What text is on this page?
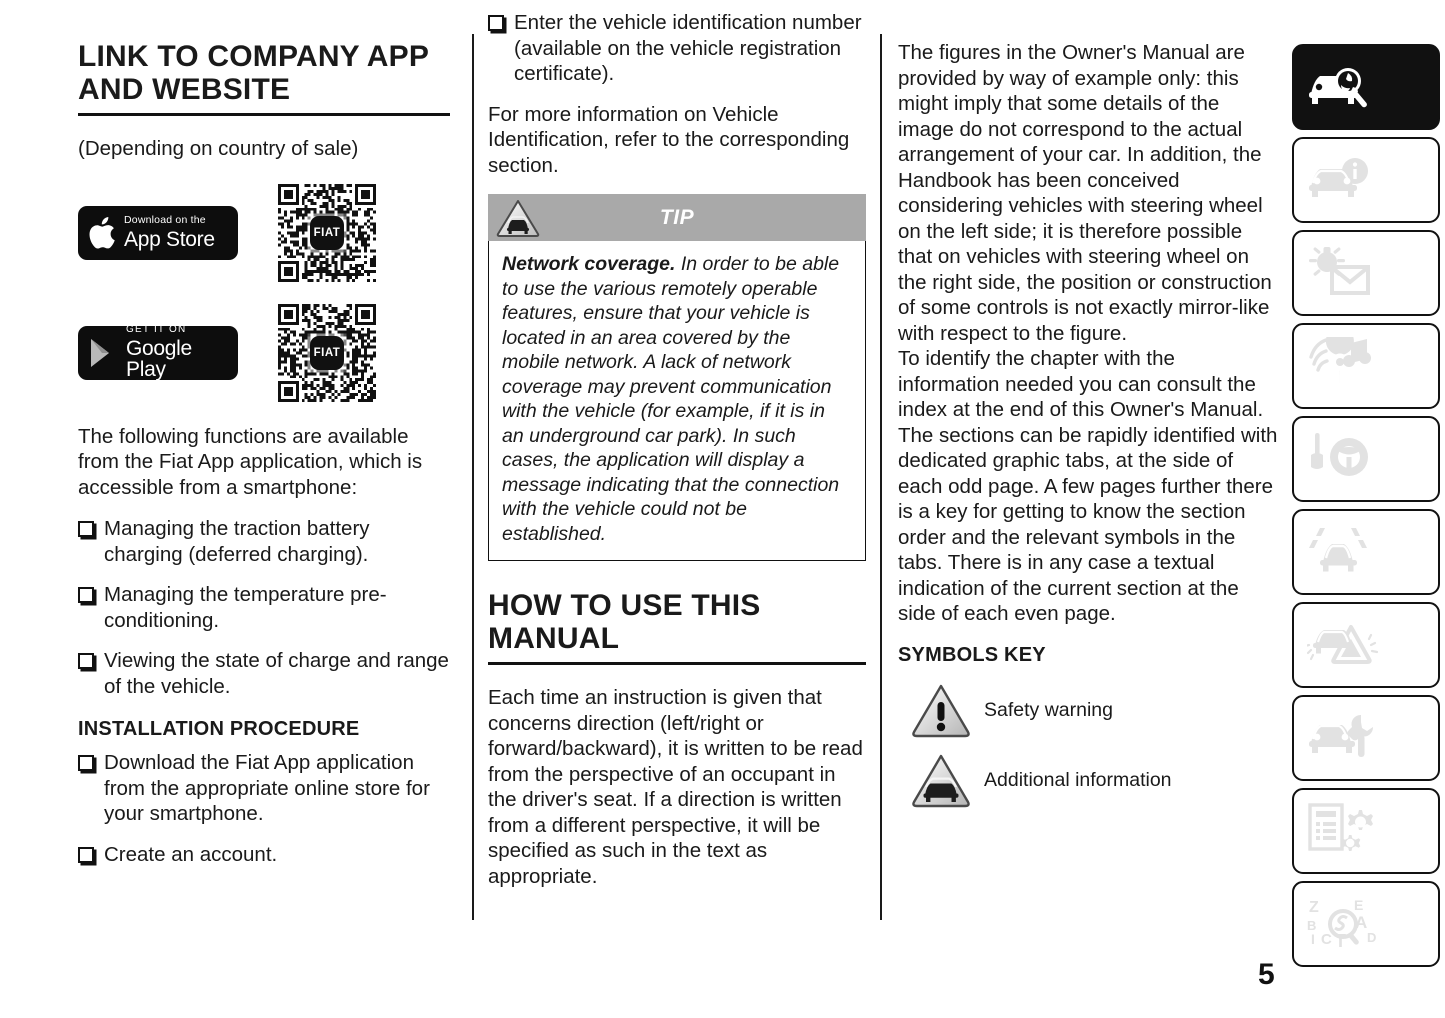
LINK TO COMPANY APP AND WEBSITE

(Depending on country of sale)

Download on the
App Store	FIAT
GET IT ON
Google Play
FIAT

The following functions are available from the Fiat App application, which is accessible from a smartphone:

Managing the traction battery charging (deferred charging).
Managing the temperature pre-conditioning.
Viewing the state of charge and range of the vehicle.
INSTALLATION PROCEDURE
Download the Fiat App application from the appropriate online store for your smartphone.
Create an account.
Enter the vehicle identification number (available on the vehicle registration certificate).

For more information on Vehicle Identification, refer to the corresponding section.

TIP

Network coverage. In order to be able to use the various remotely operable features, ensure that your vehicle is located in an area covered by the mobile network. A lack of network coverage may prevent communication with the vehicle (for example, if it is in an underground car park). In such cases, the application will display a message indicating that the connection with the vehicle could not be established.

HOW TO USE THIS MANUAL

Each time an instruction is given that concerns direction (left/right or forward/backward), it is written to be read from the perspective of an occupant in the driver's seat. If a direction is written from a different perspective, it will be specified as such in the text as appropriate.

The figures in the Owner's Manual are provided by way of example only: this might imply that some details of the image do not correspond to the actual arrangement of your car. In addition, the Handbook has been conceived considering vehicles with steering wheel on the left side; it is therefore possible that on vehicles with steering wheel on the right side, the position or construction of some controls is not exactly mirror-like with respect to the figure.

To identify the chapter with the information needed you can consult the index at the end of this Owner's Manual.

The sections can be rapidly identified with dedicated graphic tabs, at the side of each odd page. A few pages further there is a key for getting to know the section order and the relevant symbols in the tabs. There is in any case a textual indication of the current section at the side of each even page.

SYMBOLS KEY
Safety warning
Additional information
Z
B
I C T
E
A
D
5
